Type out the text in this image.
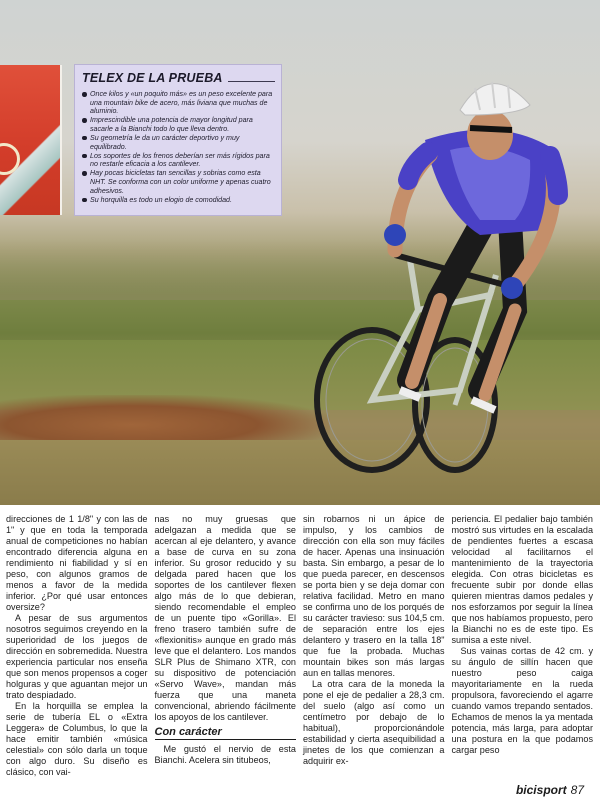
TELEX DE LA PRUEBA
Once kilos y «un poquito más» es un peso excelente para una mountain bike de acero, más liviana que muchas de aluminio.
Imprescindible una potencia de mayor longitud para sacarle a la Bianchi todo lo que lleva dentro.
Su geometría le da un carácter deportivo y muy equilibrado.
Los soportes de los frenos deberían ser más rígidos para no restarle eficacia a los cantilever.
Hay pocas bicicletas tan sencillas y sobrias como esta NHT. Se conforma con un color uniforme y apenas cuatro adhesivos.
Su horquilla es todo un elogio de comodidad.

direcciones de 1 1/8" y con las de 1" y que en toda la temporada anual de competiciones no habían encontrado diferencia alguna en rendimiento ni fiabilidad y sí en peso, con algunos gramos de menos a favor de la medida inferior. ¿Por qué usar entonces oversize?

A pesar de sus argumentos nosotros seguimos creyendo en la superioridad de los juegos de dirección en sobremedida. Nuestra experiencia particular nos enseña que son menos propensos a coger holguras y que aguantan mejor un trato despiadado.

En la horquilla se emplea la serie de tubería EL o «Extra Leggera» de Columbus, lo que la hace emitir también «música celestial» con sólo darla un toque con algo duro. Su diseño es clásico, con vai-

nas no muy gruesas que adelgazan a medida que se acercan al eje delantero, y avance a base de curva en su zona inferior. Su grosor reducido y su delgada pared hacen que los soportes de los cantilever flexen algo más de lo que debieran, siendo recomendable el empleo de un puente tipo «Gorilla». El freno trasero también sufre de «flexionitis» aunque en grado más leve que el delantero. Los mandos SLR Plus de Shimano XTR, con su dispositivo de potenciación «Servo Wave», mandan más fuerza que una maneta convencional, abriendo fácilmente los apoyos de los cantilever.

Con carácter

Me gustó el nervio de esta Bianchi. Acelera sin titubeos,

sin robarnos ni un ápice de impulso, y los cambios de dirección con ella son muy fáciles de hacer. Apenas una insinuación basta. Sin embargo, a pesar de lo que pueda parecer, en descensos se porta bien y se deja domar con relativa facilidad. Metro en mano se confirma uno de los porqués de su carácter travieso: sus 104,5 cm. de separación entre los ejes delantero y trasero en la talla 18" que fue la probada. Muchas mountain bikes son más largas aun en tallas menores.

La otra cara de la moneda la pone el eje de pedalier a 28,3 cm. del suelo (algo así como un centímetro por debajo de lo habitual), proporcionándole estabilidad y cierta asequibilidad a jinetes de los que comienzan a adquirir ex-

periencia. El pedalier bajo también mostró sus virtudes en la escalada de pendientes fuertes a escasa velocidad al facilitarnos el mantenimiento de la trayectoria elegida. Con otras bicicletas es frecuente subir por donde ellas quieren mientras damos pedales y nos esforzamos por seguir la línea que nos habíamos propuesto, pero la Bianchi no es de este tipo. Es sumisa a este nivel.

Sus vainas cortas de 42 cm. y su ángulo de sillín hacen que nuestro peso caiga mayoritariamente en la rueda propulsora, favoreciendo el agarre cuando vamos trepando sentados. Echamos de menos la ya mentada potencia, más larga, para adoptar una postura en la que podamos cargar peso

bicisport 87
